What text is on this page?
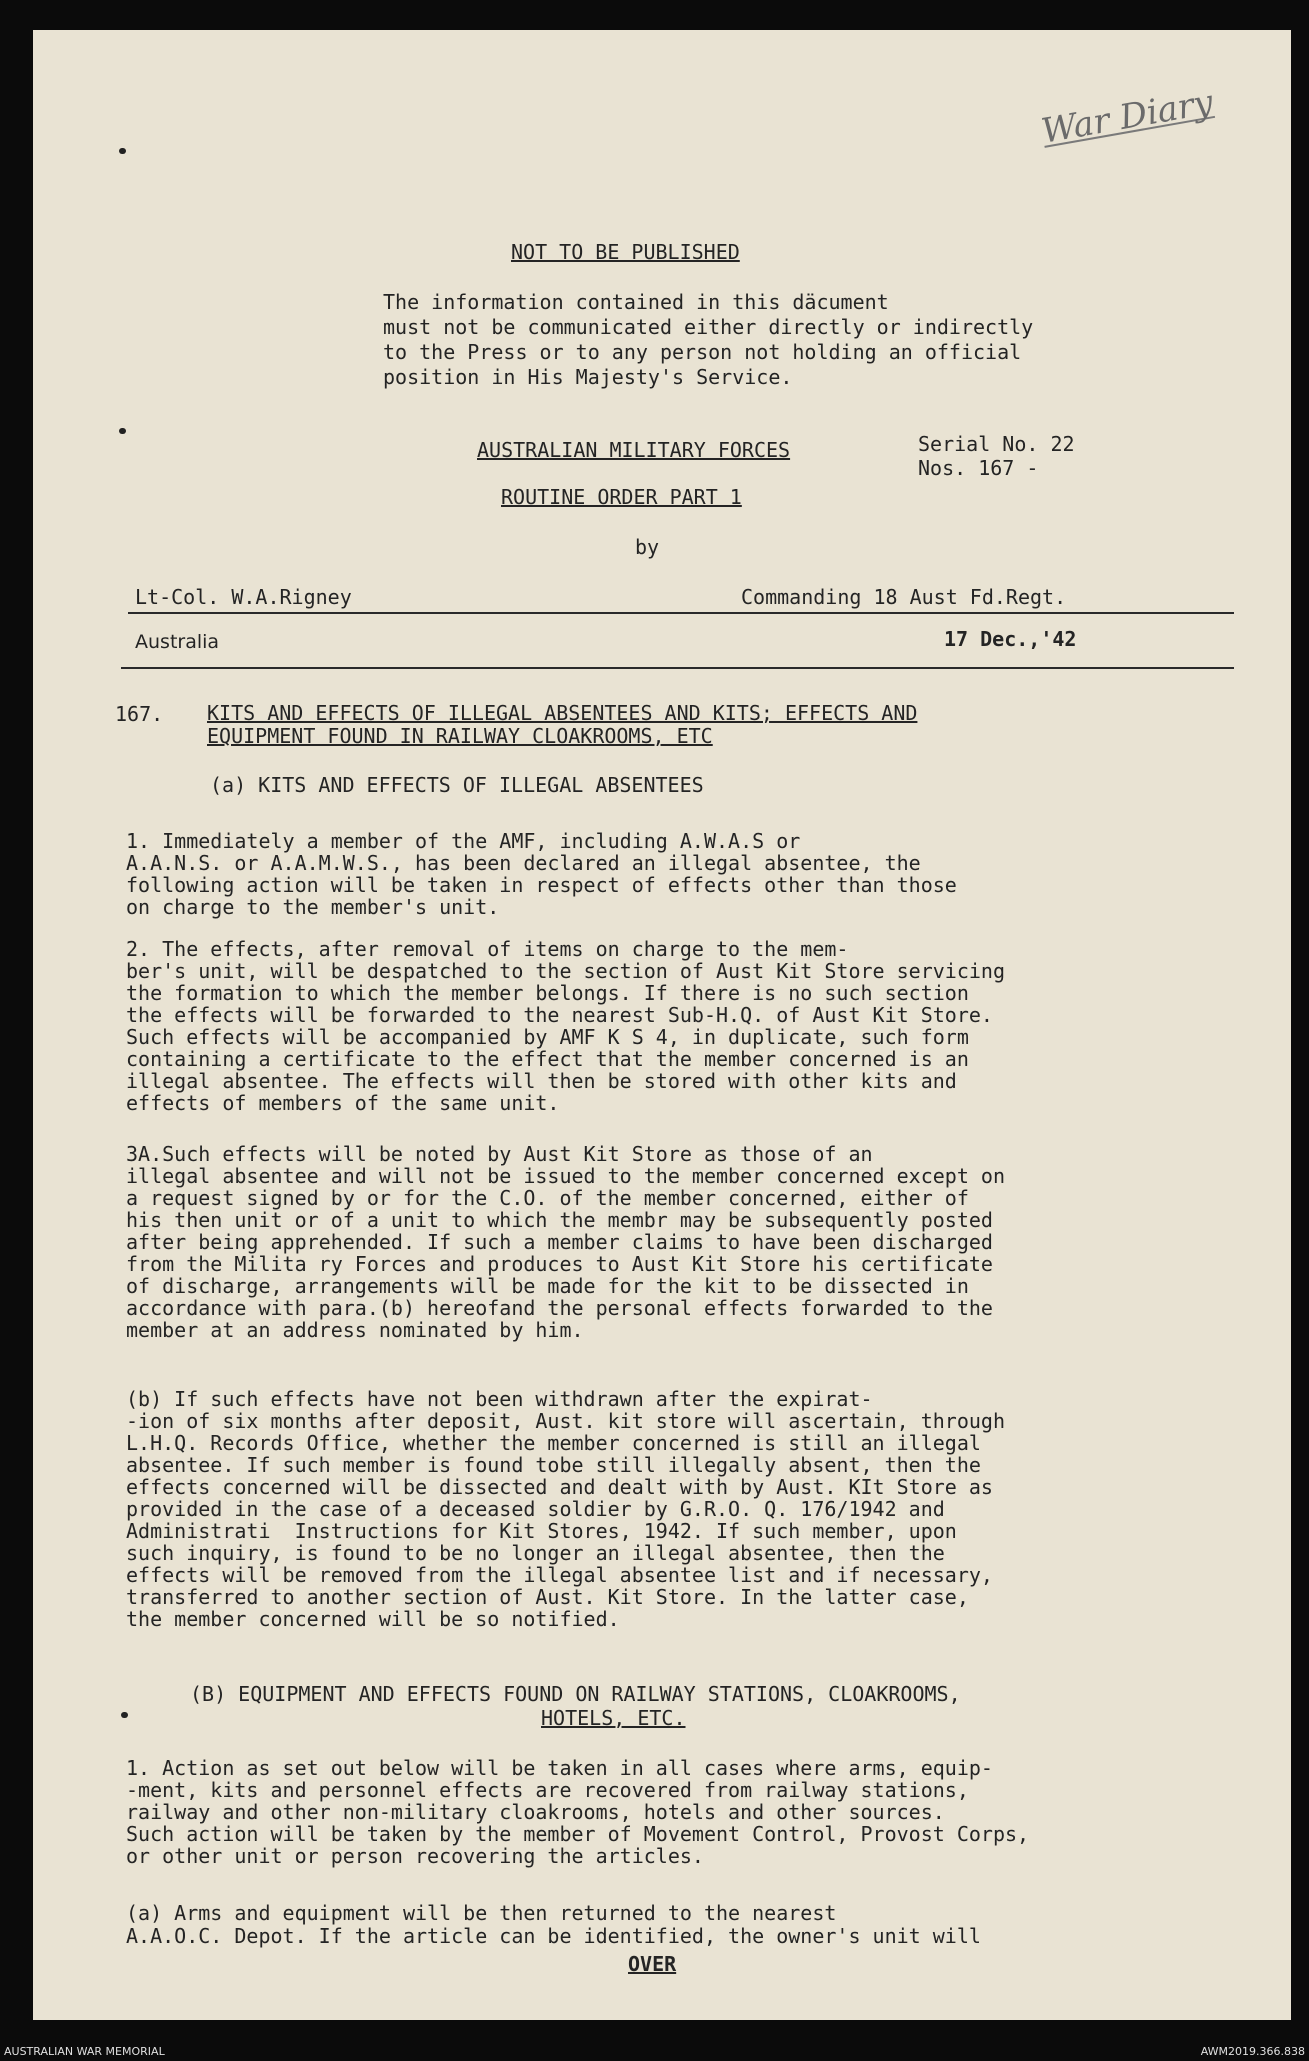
War Diary
NOT TO BE PUBLISHED
The information contained in this däcument
must not be communicated either directly or indirectly
to the Press or to any person not holding an official
position in His Majesty's Service.
AUSTRALIAN MILITARY FORCES	Serial No. 22
Nos. 167 -
ROUTINE ORDER PART 1
by
Lt-Col. W.A.Rigney	Commanding 18 Aust Fd.Regt.
Australia	17 Dec.,'42
167. KITS AND EFFECTS OF ILLEGAL ABSENTEES AND KITS; EFFECTS AND
EQUIPMENT FOUND IN RAILWAY CLOAKROOMS, ETC
(a) KITS AND EFFECTS OF ILLEGAL ABSENTEES
1. Immediately a member of the AMF, including A.W.A.S or
A.A.N.S. or A.A.M.W.S., has been declared an illegal absentee, the
following action will be taken in respect of effects other than those
on charge to the member's unit.
2. The effects, after removal of items on charge to the mem-
ber's unit, will be despatched to the section of Aust Kit Store servicing
the formation to which the member belongs. If there is no such section
the effects will be forwarded to the nearest Sub-H.Q. of Aust Kit Store.
Such effects will be accompanied by AMF K S 4, in duplicate, such form
containing a certificate to the effect that the member concerned is an
illegal absentee. The effects will then be stored with other kits and
effects of members of the same unit.
3A.Such effects will be noted by Aust Kit Store as those of an
illegal absentee and will not be issued to the member concerned except on
a request signed by or for the C.O. of the member concerned, either of
his then unit or of a unit to which the membr may be subsequently posted
after being apprehended. If such a member claims to have been discharged
from the Milita ry Forces and produces to Aust Kit Store his certificate
of discharge, arrangements will be made for the kit to be dissected in
accordance with para.(b) hereofand the personal effects forwarded to the
member at an address nominated by him.
(b) If such effects have not been withdrawn after the expirat-
-ion of six months after deposit, Aust. kit store will ascertain, through
L.H.Q. Records Office, whether the member concerned is still an illegal
absentee. If such member is found tobe still illegally absent, then the
effects concerned will be dissected and dealt with by Aust. KIt Store as
provided in the case of a deceased soldier by G.R.O. Q. 176/1942 and
Administrati  Instructions for Kit Stores, 1942. If such member, upon
such inquiry, is found to be no longer an illegal absentee, then the
effects will be removed from the illegal absentee list and if necessary,
transferred to another section of Aust. Kit Store. In the latter case,
the member concerned will be so notified.
(B) EQUIPMENT AND EFFECTS FOUND ON RAILWAY STATIONS, CLOAKROOMS,
HOTELS, ETC.
1. Action as set out below will be taken in all cases where arms, equip-
-ment, kits and personnel effects are recovered from railway stations,
railway and other non-military cloakrooms, hotels and other sources.
Such action will be taken by the member of Movement Control, Provost Corps,
or other unit or person recovering the articles.
(a) Arms and equipment will be then returned to the nearest
A.A.O.C. Depot. If the article can be identified, the owner's unit will
OVER
AUSTRALIAN WAR MEMORIAL	AWM2019.366.838
